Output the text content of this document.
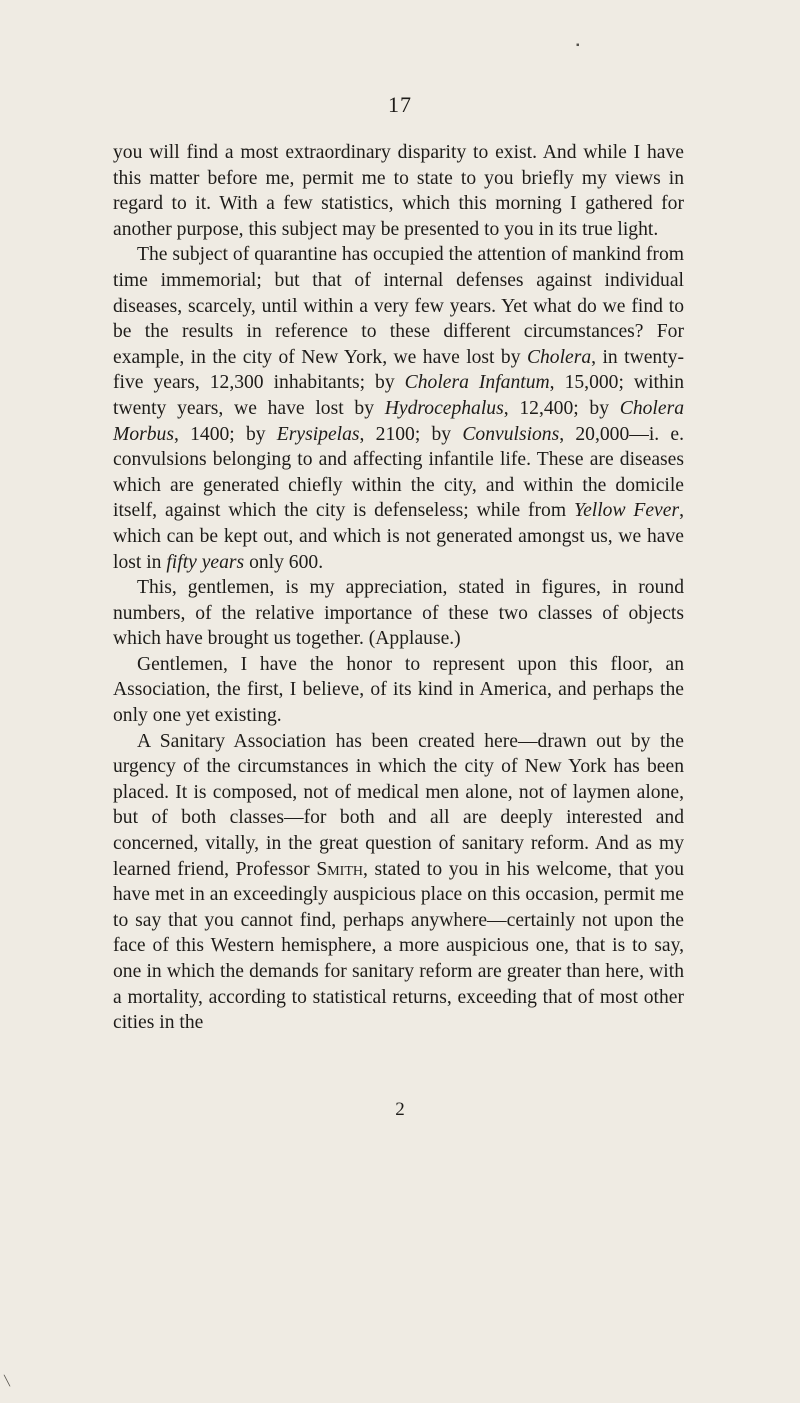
▪
17

you will find a most extraordinary disparity to exist. And while I have this matter before me, permit me to state to you briefly my views in regard to it. With a few statistics, which this morning I gathered for another purpose, this subject may be presented to you in its true light.

The subject of quarantine has occupied the attention of mankind from time immemorial; but that of internal defenses against individual diseases, scarcely, until within a very few years. Yet what do we find to be the results in reference to these different circumstances? For example, in the city of New York, we have lost by Cholera, in twenty-five years, 12,300 inhabitants; by Cholera Infantum, 15,000; within twenty years, we have lost by Hydrocephalus, 12,400; by Cholera Morbus, 1400; by Erysipelas, 2100; by Convulsions, 20,000—i. e. convulsions belonging to and affecting infantile life. These are diseases which are generated chiefly within the city, and within the domicile itself, against which the city is defenseless; while from Yellow Fever, which can be kept out, and which is not generated amongst us, we have lost in fifty years only 600.

This, gentlemen, is my appreciation, stated in figures, in round numbers, of the relative importance of these two classes of objects which have brought us together. (Applause.)

Gentlemen, I have the honor to represent upon this floor, an Association, the first, I believe, of its kind in America, and perhaps the only one yet existing.

A Sanitary Association has been created here—drawn out by the urgency of the circumstances in which the city of New York has been placed. It is composed, not of medical men alone, not of laymen alone, but of both classes—for both and all are deeply interested and concerned, vitally, in the great question of sanitary reform. And as my learned friend, Professor Smith, stated to you in his welcome, that you have met in an exceedingly auspicious place on this occasion, permit me to say that you cannot find, perhaps anywhere—certainly not upon the face of this Western hemisphere, a more auspicious one, that is to say, one in which the demands for sanitary reform are greater than here, with a mortality, according to statistical returns, exceeding that of most other cities in the

2
╲
